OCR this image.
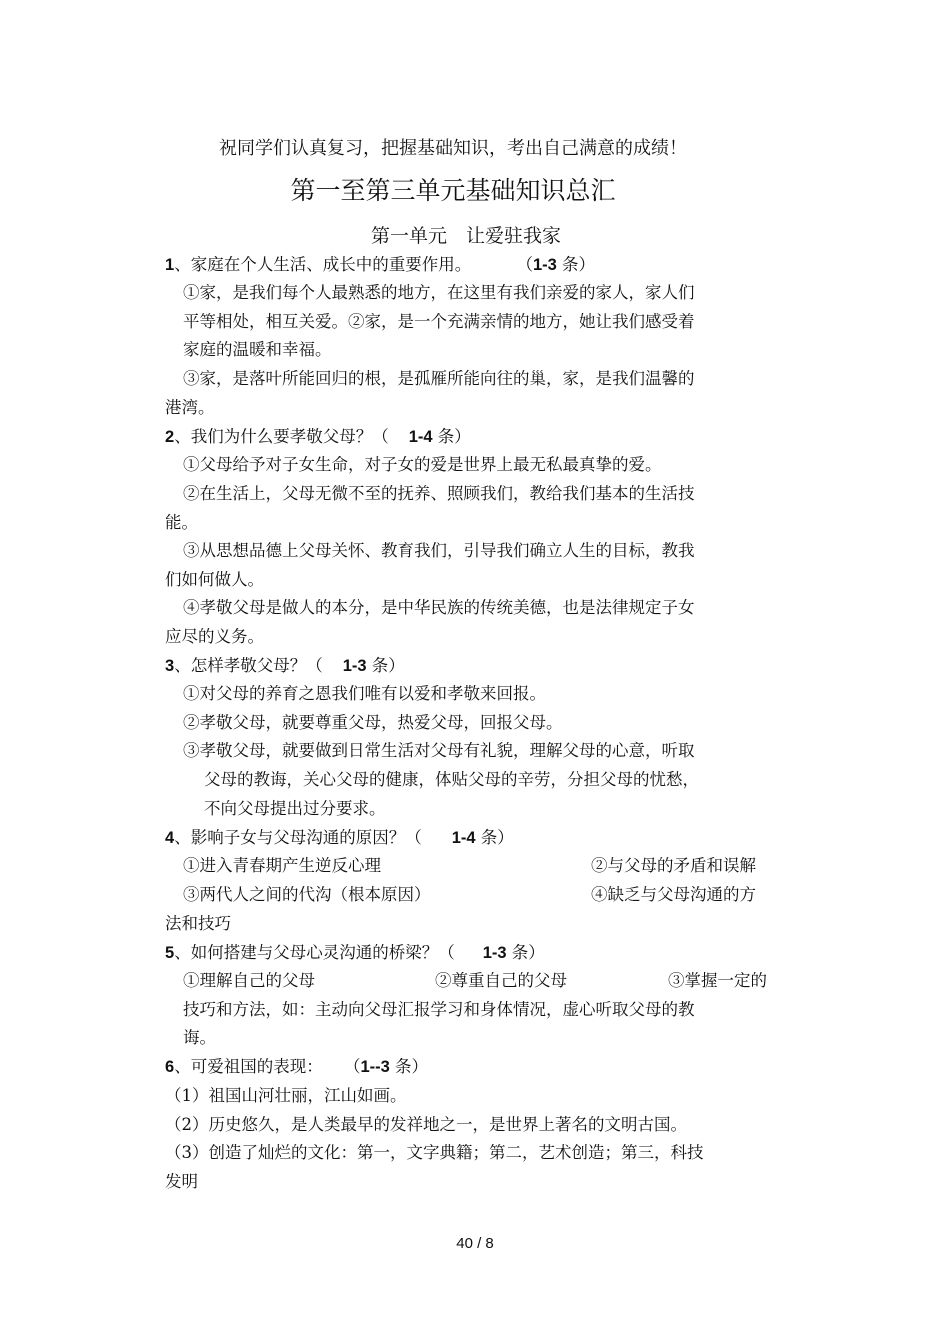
祝同学们认真复习，把握基础知识，考出自己满意的成绩！
第一至第三单元基础知识总汇
第一单元　让爱驻我家
1、家庭在个人生活、成长中的重要作用。	（1-3 条）
①家，是我们每个人最熟悉的地方，在这里有我们亲爱的家人，家人们
平等相处，相互关爱。②家，是一个充满亲情的地方，她让我们感受着
家庭的温暖和幸福。
③家，是落叶所能回归的根，是孤雁所能向往的巢，家，是我们温馨的
港湾。
2、我们为什么要孝敬父母？（ 1-4 条）
①父母给予对子女生命，对子女的爱是世界上最无私最真挚的爱。
②在生活上，父母无微不至的抚养、照顾我们，教给我们基本的生活技
能。
③从思想品德上父母关怀、教育我们，引导我们确立人生的目标，教我
们如何做人。
④孝敬父母是做人的本分，是中华民族的传统美德，也是法律规定子女
应尽的义务。
3、怎样孝敬父母？（ 1-3 条）
①对父母的养育之恩我们唯有以爱和孝敬来回报。
②孝敬父母，就要尊重父母，热爱父母，回报父母。
③孝敬父母，就要做到日常生活对父母有礼貌，理解父母的心意，听取
父母的教诲，关心父母的健康，体贴父母的辛劳，分担父母的忧愁，
不向父母提出过分要求。
4、影响子女与父母沟通的原因？（ 1-4 条）
①进入青春期产生逆反心理	②与父母的矛盾和误解
③两代人之间的代沟（根本原因）	④缺乏与父母沟通的方
法和技巧
5、如何搭建与父母心灵沟通的桥梁？（ 1-3 条）
①理解自己的父母	②尊重自己的父母	③掌握一定的
技巧和方法，如：主动向父母汇报学习和身体情况，虚心听取父母的教
诲。
6、可爱祖国的表现： （1--3 条）
（1）祖国山河壮丽，江山如画。
（2）历史悠久，是人类最早的发祥地之一，是世界上著名的文明古国。
（3）创造了灿烂的文化：第一，文字典籍；第二，艺术创造；第三，科技
发明
40 / 8
